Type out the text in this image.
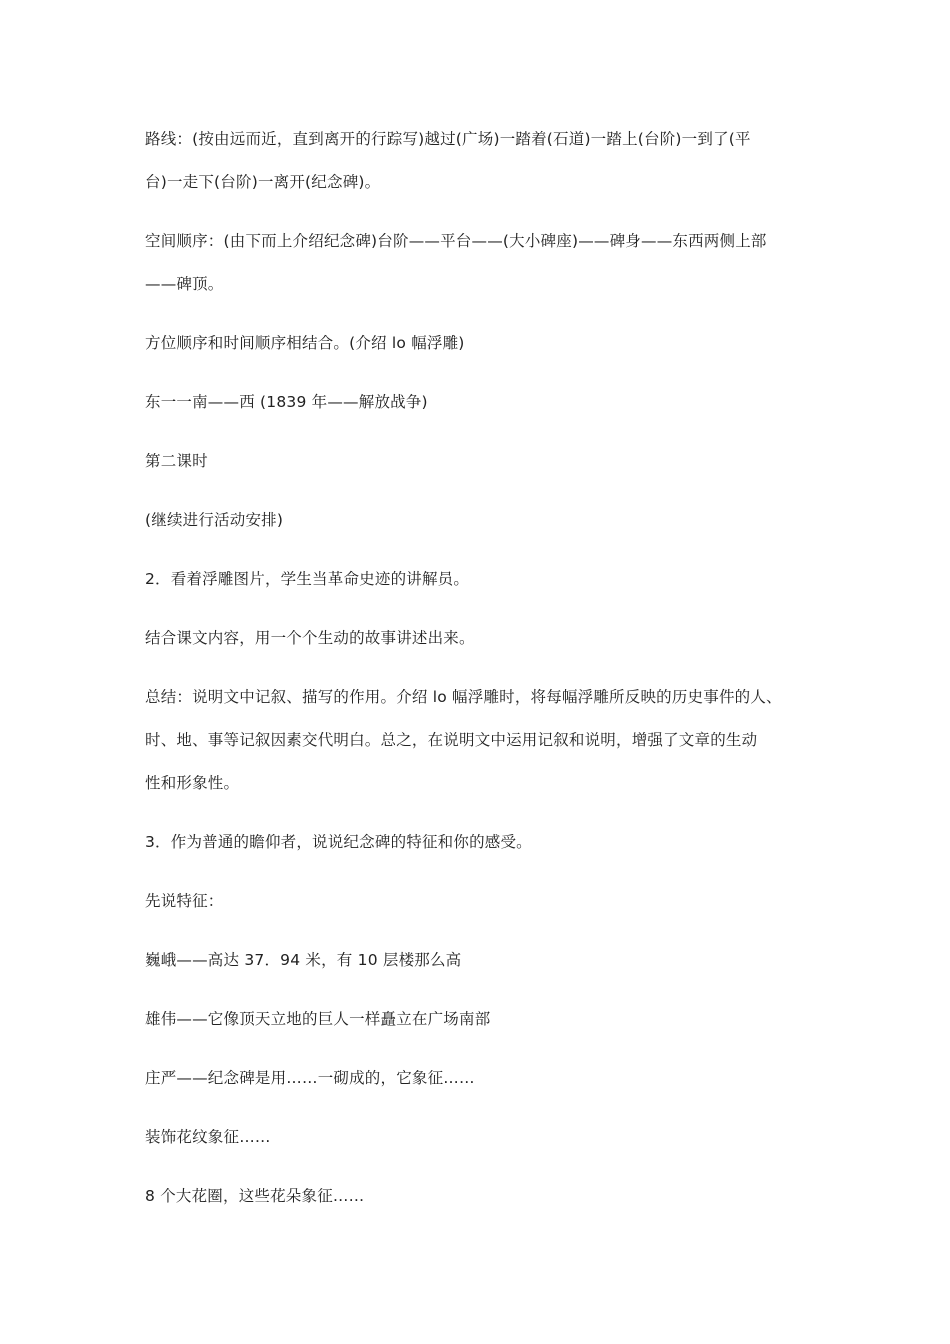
路线：(按由远而近，直到离开的行踪写)越过(广场)一踏着(石道)一踏上(台阶)一到了(平

台)一走下(台阶)一离开(纪念碑)。

空间顺序：(由下而上介绍纪念碑)台阶——平台——(大小碑座)——碑身——东西两侧上部

——碑顶。

方位顺序和时间顺序相结合。(介绍 lo 幅浮雕)

东一一南——西 (1839 年——解放战争)

第二课时

(继续进行活动安排)

2．看着浮雕图片，学生当革命史迹的讲解员。

结合课文内容，用一个个生动的故事讲述出来。

总结：说明文中记叙、描写的作用。介绍 lo 幅浮雕时，将每幅浮雕所反映的历史事件的人、

时、地、事等记叙因素交代明白。总之，在说明文中运用记叙和说明，增强了文章的生动

性和形象性。

3．作为普通的瞻仰者，说说纪念碑的特征和你的感受。

先说特征：

巍峨——高达 37．94 米，有 10 层楼那么高

雄伟——它像顶天立地的巨人一样矗立在广场南部

庄严——纪念碑是用……一砌成的，它象征……

装饰花纹象征……

8 个大花圈，这些花朵象征……
